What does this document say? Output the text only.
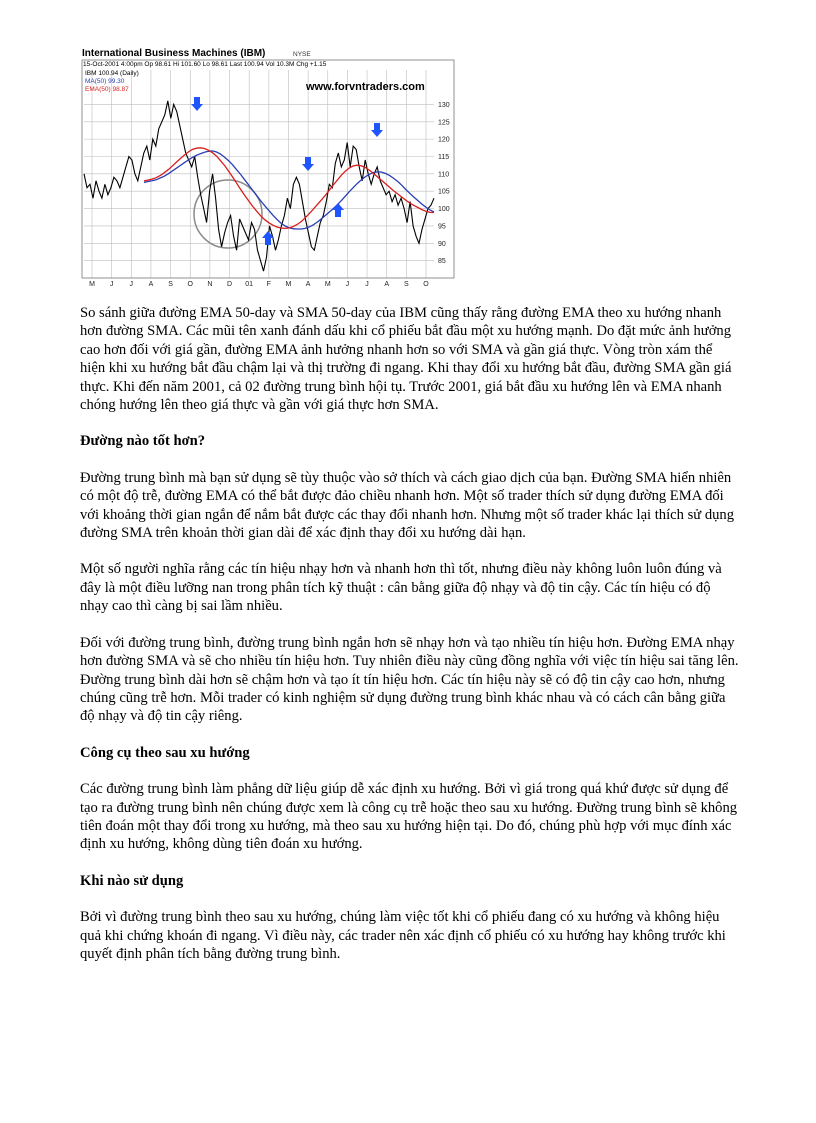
85
90
95
100
105
110
115
120
125
130
M J J A S O N D 01 F M A M J J A S O
International Business Machines (IBM)	NYSE
15-Oct-2001 4:00pm Op 98.61 Hi 101.60 Lo 98.61 Last 100.94 Vol 10.3M Chg +1.15
IBM 100.94 (Daily)
MA(50) 99.30
EMA(50) 98.87	www.forvntraders.com

So sánh giữa đường EMA 50-day và SMA 50-day của IBM cũng thấy rằng đường EMA theo xu hướng nhanh hơn đường SMA. Các mũi tên xanh đánh dấu khi cổ phiếu bắt đầu một xu hướng mạnh. Do đặt mức ảnh hưởng cao hơn đối với giá gần, đường EMA ảnh hưởng nhanh hơn so với SMA và gần giá thực. Vòng tròn xám thể hiện khi xu hướng bắt đầu chậm lại và thị trường đi ngang. Khi thay đổi xu hướng bắt đầu, đường SMA gần giá thực. Khi đến năm 2001, cả 02 đường trung bình hội tụ. Trước 2001, giá bắt đầu xu hướng lên và EMA nhanh chóng hướng lên theo giá thực và gần với giá thực hơn SMA.

Đường nào tốt hơn?

Đường trung bình mà bạn sử dụng sẽ tùy thuộc vào sở thích và cách giao dịch của bạn. Đường SMA hiển nhiên có một độ trễ, đường EMA có thể bắt được đảo chiều nhanh hơn. Một số trader thích sử dụng đường EMA đối với khoảng thời gian ngắn để nắm bắt được các thay đổi nhanh hơn. Nhưng một số trader khác lại thích sử dụng đường SMA trên khoản thời gian dài để xác định thay đổi xu hướng dài hạn.

Một số người nghĩa rằng các tín hiệu nhạy hơn và nhanh hơn thì tốt, nhưng điều này không luôn luôn đúng và đây là một điều lưỡng nan trong phân tích kỹ thuật : cân bằng giữa độ nhạy và độ tin cậy. Các tín hiệu có độ nhạy cao thì càng bị sai lầm nhiều.

Đối với đường trung bình, đường trung bình ngắn hơn sẽ nhạy hơn và tạo nhiều tín hiệu hơn. Đường EMA nhạy hơn đường SMA và sẽ cho nhiều tín hiệu hơn. Tuy nhiên điều này cũng đồng nghĩa với việc tín hiệu sai tăng lên. Đường trung bình dài hơn sẽ chậm hơn và tạo ít tín hiệu hơn. Các tín hiệu này sẽ có độ tin cậy cao hơn, nhưng chúng cũng trễ hơn. Mỗi trader có kinh nghiệm sử dụng đường trung bình khác nhau và có cách cân bằng giữa độ nhạy và độ tin cậy riêng.

Công cụ theo sau xu hướng

Các đường trung bình làm phẳng dữ liệu giúp dễ xác định xu hướng. Bởi vì giá trong quá khứ được sử dụng để tạo ra đường trung bình nên chúng được xem là công cụ trễ hoặc theo sau xu hướng. Đường trung bình sẽ không tiên đoán một thay đổi trong xu hướng, mà theo sau xu hướng hiện tại. Do đó, chúng phù hợp với mục đính xác định xu hướng, không dùng tiên đoán xu hướng.

Khi nào sử dụng

Bởi vì đường trung bình theo sau xu hướng, chúng làm việc tốt khi cổ phiếu đang có xu hướng và không hiệu quả khi chứng khoán đi ngang. Vì điều này, các trader nên xác định cổ phiếu có xu hướng hay không trước khi quyết định phân tích bằng đường trung bình.
